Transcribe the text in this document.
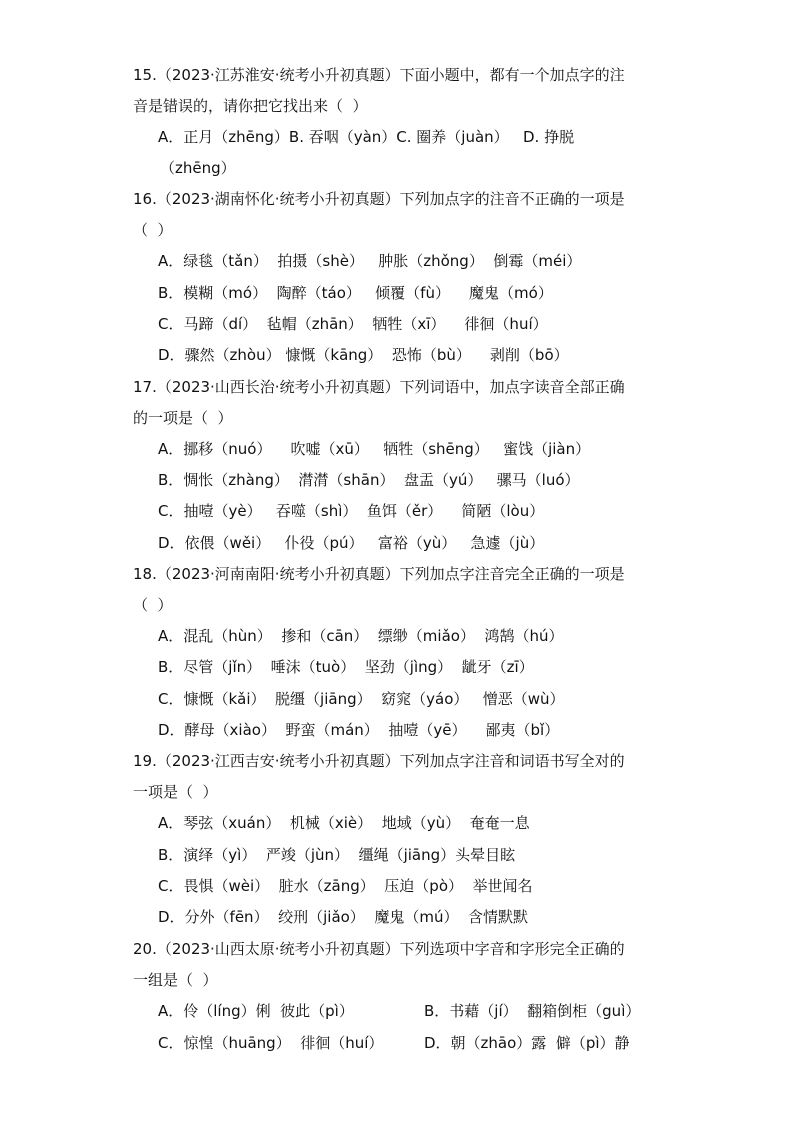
15.（2023·江苏淮安·统考小升初真题）下面小题中，都有一个加点字的注
音是错误的，请你把它找出来（  ）
A．正月（zhēng）B. 吞咽（yàn）C. 圈养（juàn）   D. 挣脱
（zhēng）
16.（2023·湖南怀化·统考小升初真题）下列加点字的注音不正确的一项是
（  ）
A．绿毯（tǎn）  拍摄（shè）   肿胀（zhǒng）  倒霉（méi）
B．模糊（mó）  陶醉（táo）   倾覆（fù）    魔鬼（mó）
C．马蹄（dí）  毡帽（zhān）  牺牲（xī）    徘徊（huí）
D．骤然（zhòu） 慷慨（kāng）  恐怖（bù）    剥削（bō）
17.（2023·山西长治·统考小升初真题）下列词语中，加点字读音全部正确
的一项是（  ）
A．挪移（nuó）    吹嘘（xū）   牺牲（shēng）   蜜饯（jiàn）
B．惆怅（zhàng）  潸潸（shān）  盘盂（yú）   骡马（luó）
C．抽噎（yè）   吞噬（shì）  鱼饵（ěr）    简陋（lòu）
D．依偎（wěi）   仆役（pú）   富裕（yù）   急遽（jù）
18.（2023·河南南阳·统考小升初真题）下列加点字注音完全正确的一项是
（  ）
A．混乱（hùn）  掺和（cān）  缥缈（miǎo）  鸿鹄（hú）
B．尽管（jǐn）  唾沫（tuò）  坚劲（jìng）  龇牙（zī）
C．慷慨（kǎi）  脱缰（jiāng）  窈窕（yáo）   憎恶（wù）
D．酵母（xiào）  野蛮（mán）  抽噎（yē）    鄙夷（bǐ）
19.（2023·江西吉安·统考小升初真题）下列加点字注音和词语书写全对的
一项是（  ）
A．琴弦（xuán）  机械（xiè）  地域（yù）  奄奄一息
B．演绎（yì）  严竣（jùn）  缰绳（jiāng）头晕目眩
C．畏惧（wèi）  脏水（zāng）  压迫（pò）  举世闻名
D．分外（fēn）  绞刑（jiǎo）  魔鬼（mú）  含情默默
20.（2023·山西太原·统考小升初真题）下列选项中字音和字形完全正确的
一组是（  ）
A．伶（líng）俐  彼此（pì）	B．书藉（jí）  翻箱倒柜（guì）
C．惊惶（huāng）  徘徊（huí）	D．朝（zhāo）露  僻（pì）静
